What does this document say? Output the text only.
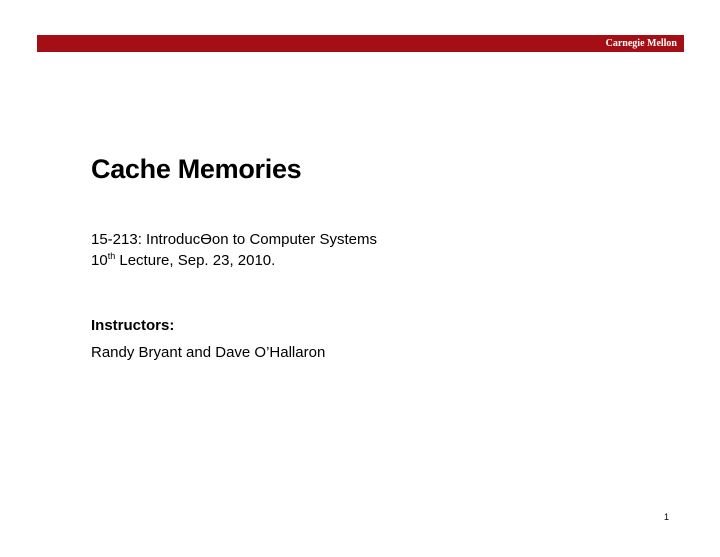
Carnegie Mellon
Cache Memories
15-213: IntroducƟon to Computer Systems
10th Lecture, Sep. 23, 2010.
Instructors:
Randy Bryant and Dave O’Hallaron
1
